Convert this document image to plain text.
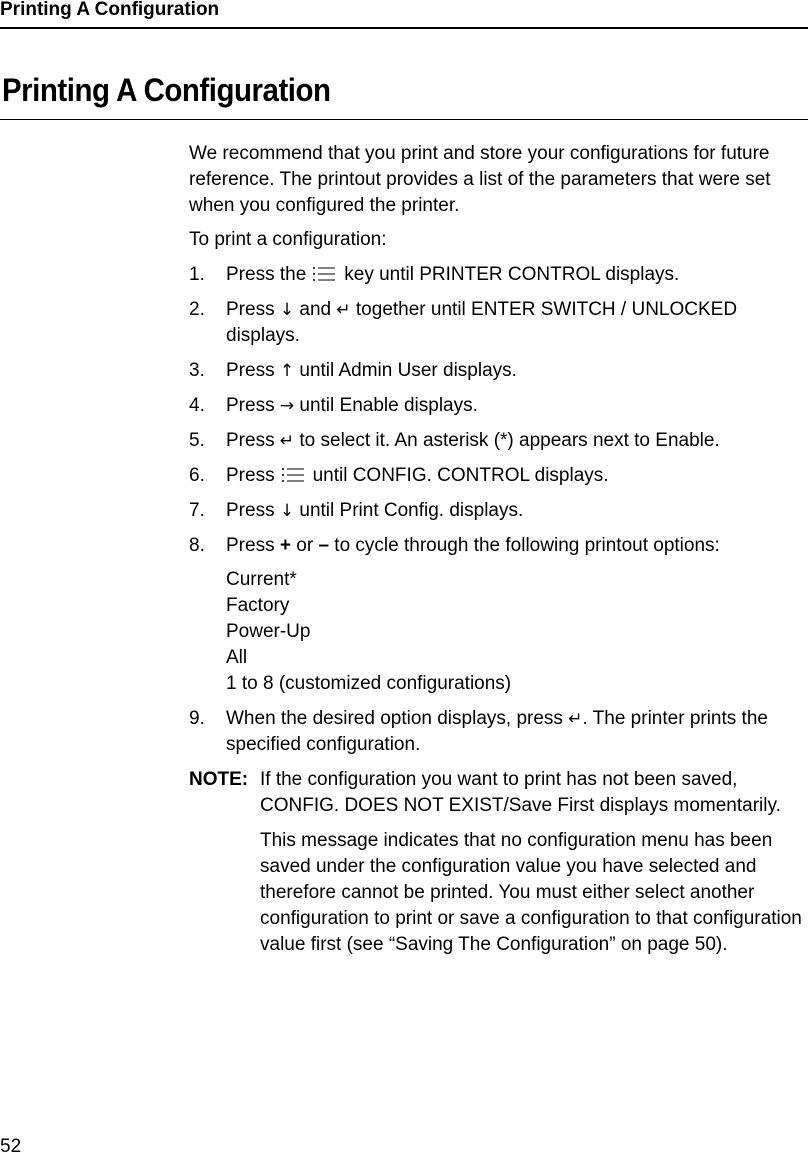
Printing A Configuration
Printing A Configuration

We recommend that you print and store your configurations for future reference. The printout provides a list of the parameters that were set when you configured the printer.

To print a configuration:

1.	Press the key until PRINTER CONTROL displays.
2.	Press ↓ and ↵ together until ENTER SWITCH / UNLOCKED displays.
3.	Press ↑ until Admin User displays.
4.	Press → until Enable displays.
5.	Press ↵ to select it. An asterisk (*) appears next to Enable.
6.	Press until CONFIG. CONTROL displays.
7.	Press ↓ until Print Config. displays.
8.	Press + or – to cycle through the following printout options:
Current*
Factory
Power-Up
All
1 to 8 (customized configurations)
9.	When the desired option displays, press ↵. The printer prints the specified configuration.
NOTE: If the configuration you want to print has not been saved, CONFIG. DOES NOT EXIST/Save First displays momentarily.

This message indicates that no configuration menu has been saved under the configuration value you have selected and therefore cannot be printed. You must either select another configuration to print or save a configuration to that configuration value first (see “Saving The Configuration” on page 50).

52
